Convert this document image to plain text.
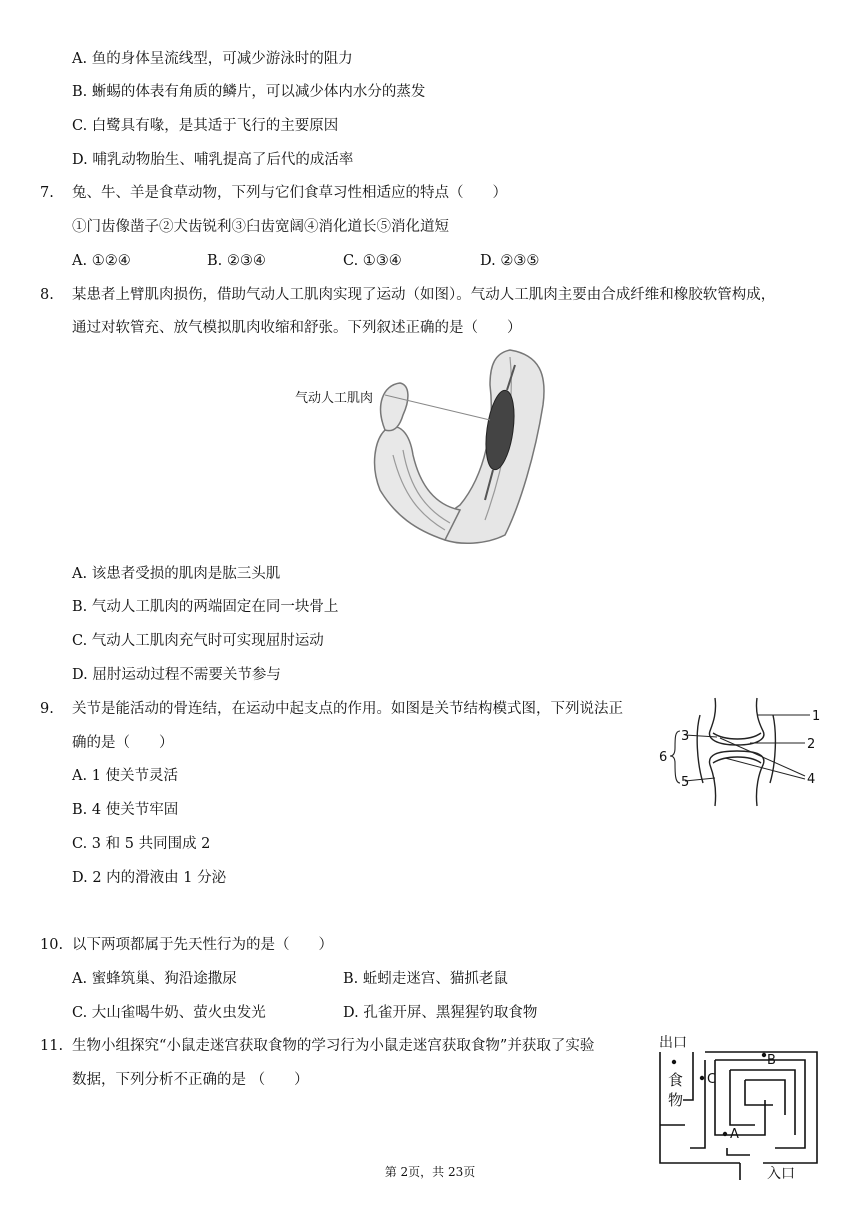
A. 鱼的身体呈流线型，可减少游泳时的阻力
B. 蜥蜴的体表有角质的鳞片，可以减少体内水分的蒸发
C. 白鹭具有喙，是其适于飞行的主要原因
D. 哺乳动物胎生、哺乳提高了后代的成活率
7. 兔、牛、羊是食草动物，下列与它们食草习性相适应的特点（　　）
①门齿像凿子②犬齿锐利③臼齿宽阔④消化道长⑤消化道短
A. ①②④	B. ②③④	C. ①③④	D. ②③⑤
8. 某患者上臂肌肉损伤，借助气动人工肌肉实现了运动（如图）。气动人工肌肉主要由合成纤维和橡胶软管构成，
通过对软管充、放气模拟肌肉收缩和舒张。下列叙述正确的是（　　）
气动人工肌肉
A. 该患者受损的肌肉是肱三头肌
B. 气动人工肌肉的两端固定在同一块骨上
C. 气动人工肌肉充气时可实现屈肘运动
D. 屈肘运动过程不需要关节参与
9. 关节是能活动的骨连结，在运动中起支点的作用。如图是关节结构模式图，下列说法正
确的是（　　）
A. 1 使关节灵活
B. 4 使关节牢固
C. 3 和 5 共同围成 2
D. 2 内的滑液由 1 分泌
1
2
3
4
5
6
10. 以下两项都属于先天性行为的是（　　）
A. 蜜蜂筑巢、狗沿途撒尿	B. 蚯蚓走迷宫、猫抓老鼠
C. 大山雀喝牛奶、萤火虫发光	D. 孔雀开屏、黑猩猩钓取食物
11. 生物小组探究“小鼠走迷宫获取食物的学习行为小鼠走迷宫获取食物”并获取了实验
数据，下列分析不正确的是 （　　）
出口
食
物
C
B
A
入口
第 2页，共 23页
